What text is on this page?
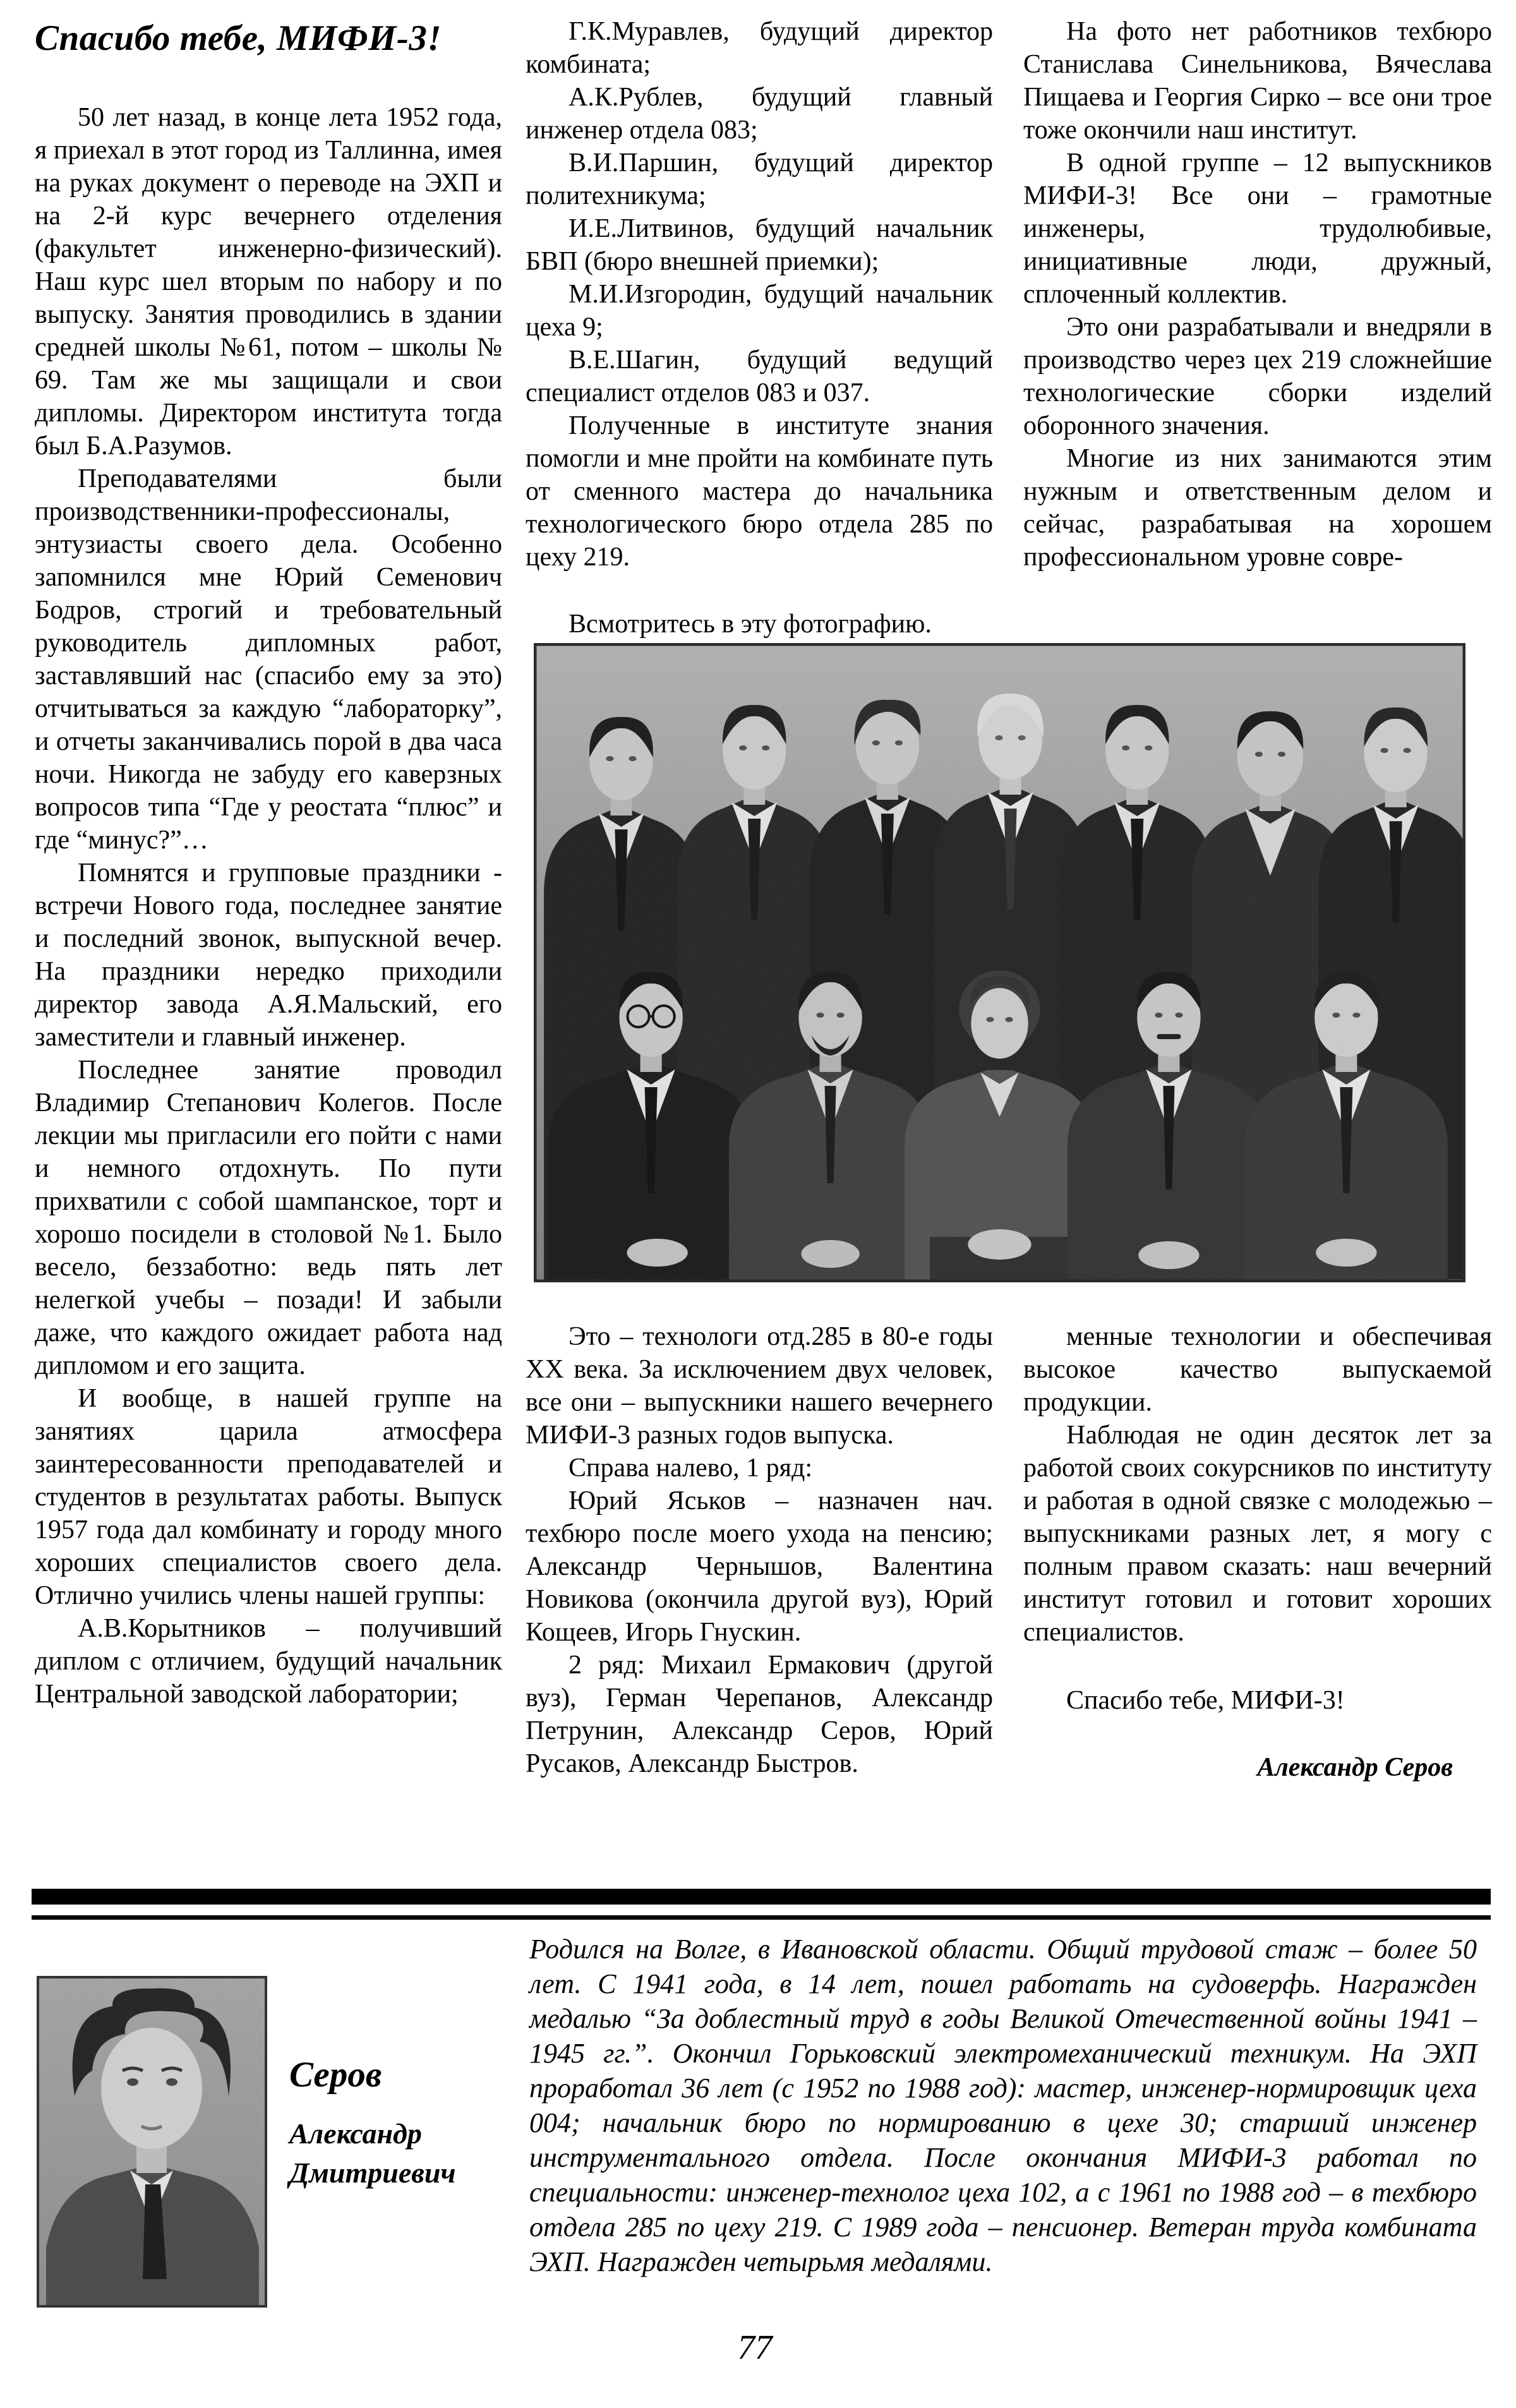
Спасибо тебе, МИФИ-3!

50 лет назад, в конце лета 1952 года, я приехал в этот город из Таллинна, имея на руках документ о переводе на ЭХП и на 2-й курс вечернего отделения (факультет инженерно-физический). Наш курс шел вторым по набору и по выпуску. Занятия проводились в здании средней школы №61, потом – школы № 69. Там же мы защищали и свои дипломы. Директором института тогда был Б.А.Разумов.

Преподавателями были производственники-профессионалы, энтузиасты своего дела. Особенно запомнился мне Юрий Семенович Бодров, строгий и требовательный руководитель дипломных работ, заставлявший нас (спасибо ему за это) отчитываться за каждую “лабораторку”, и отчеты заканчивались порой в два часа ночи. Никогда не забуду его каверзных вопросов типа “Где у реостата “плюс” и где “минус?”…

Помнятся и групповые праздники - встречи Нового года, последнее занятие и последний звонок, выпускной вечер. На праздники нередко приходили директор завода А.Я.Мальский, его заместители и главный инженер.

Последнее занятие проводил Владимир Степанович Колегов. После лекции мы пригласили его пойти с нами и немного отдохнуть. По пути прихватили с собой шампанское, торт и хорошо посидели в столовой №1. Было весело, беззаботно: ведь пять лет нелегкой учебы – позади! И забыли даже, что каждого ожидает работа над дипломом и его защита.

И вообще, в нашей группе на занятиях царила атмосфера заинтересованности преподавателей и студентов в результатах работы. Выпуск 1957 года дал комбинату и городу много хороших специалистов своего дела. Отлично учились члены нашей группы:

А.В.Корытников – получивший диплом с отличием, будущий начальник Центральной заводской лаборатории;

Г.К.Муравлев, будущий директор комбината;

А.К.Рублев, будущий главный инженер отдела 083;

В.И.Паршин, будущий директор политехникума;

И.Е.Литвинов, будущий начальник БВП (бюро внешней приемки);

М.И.Изгородин, будущий начальник цеха 9;

В.Е.Шагин, будущий ведущий специалист отделов 083 и 037.

Полученные в институте знания помогли и мне пройти на комбинате путь от сменного мастера до начальника технологического бюро отдела 285 по цеху 219.

Всмотритесь в эту фотографию.

На фото нет работников техбюро Станислава Синельникова, Вячеслава Пищаева и Георгия Сирко – все они трое тоже окончили наш институт.

В одной группе – 12 выпускников МИФИ-3! Все они – грамотные инженеры, трудолюбивые, инициативные люди, дружный, сплоченный коллектив.

Это они разрабатывали и внедряли в производство через цех 219 сложнейшие технологические сборки изделий оборонного значения.

Многие из них занимаются этим нужным и ответственным делом и сейчас, разрабатывая на хорошем профессиональном уровне совре-

Это – технологи отд.285 в 80-е годы XX века. За исключением двух человек, все они – выпускники нашего вечернего МИФИ-3 разных годов выпуска.

Справа налево, 1 ряд:

Юрий Яськов – назначен нач. техбюро после моего ухода на пенсию; Александр Чернышов, Валентина Новикова (окончила другой вуз), Юрий Кощеев, Игорь Гнускин.

2 ряд: Михаил Ермакович (другой вуз), Герман Черепанов, Александр Петрунин, Александр Серов, Юрий Русаков, Александр Быстров.

менные технологии и обеспечивая высокое качество выпускаемой продукции.

Наблюдая не один десяток лет за работой своих сокурсников по институту и работая в одной связке с молодежью – выпускниками разных лет, я могу с полным правом сказать: наш вечерний институт готовил и готовит хороших специалистов.

Спасибо тебе, МИФИ-3!

Александр Серов

Серов

Александр

Дмитриевич

Родился на Волге, в Ивановской области. Общий трудовой стаж – более 50 лет. С 1941 года, в 14 лет, пошел работать на судоверфь. Награжден медалью “За доблестный труд в годы Великой Отечественной войны 1941 – 1945 гг.”. Окончил Горьковский электромеханический техникум. На ЭХП проработал 36 лет (с 1952 по 1988 год): мастер, инженер-нормировщик цеха 004; начальник бюро по нормированию в цехе 30; старший инженер инструментального отдела. После окончания МИФИ-3 работал по специальности: инженер-технолог цеха 102, а с 1961 по 1988 год – в техбюро отдела 285 по цеху 219. С 1989 года – пенсионер. Ветеран труда комбината ЭХП. Награжден четырьмя медалями.
77
